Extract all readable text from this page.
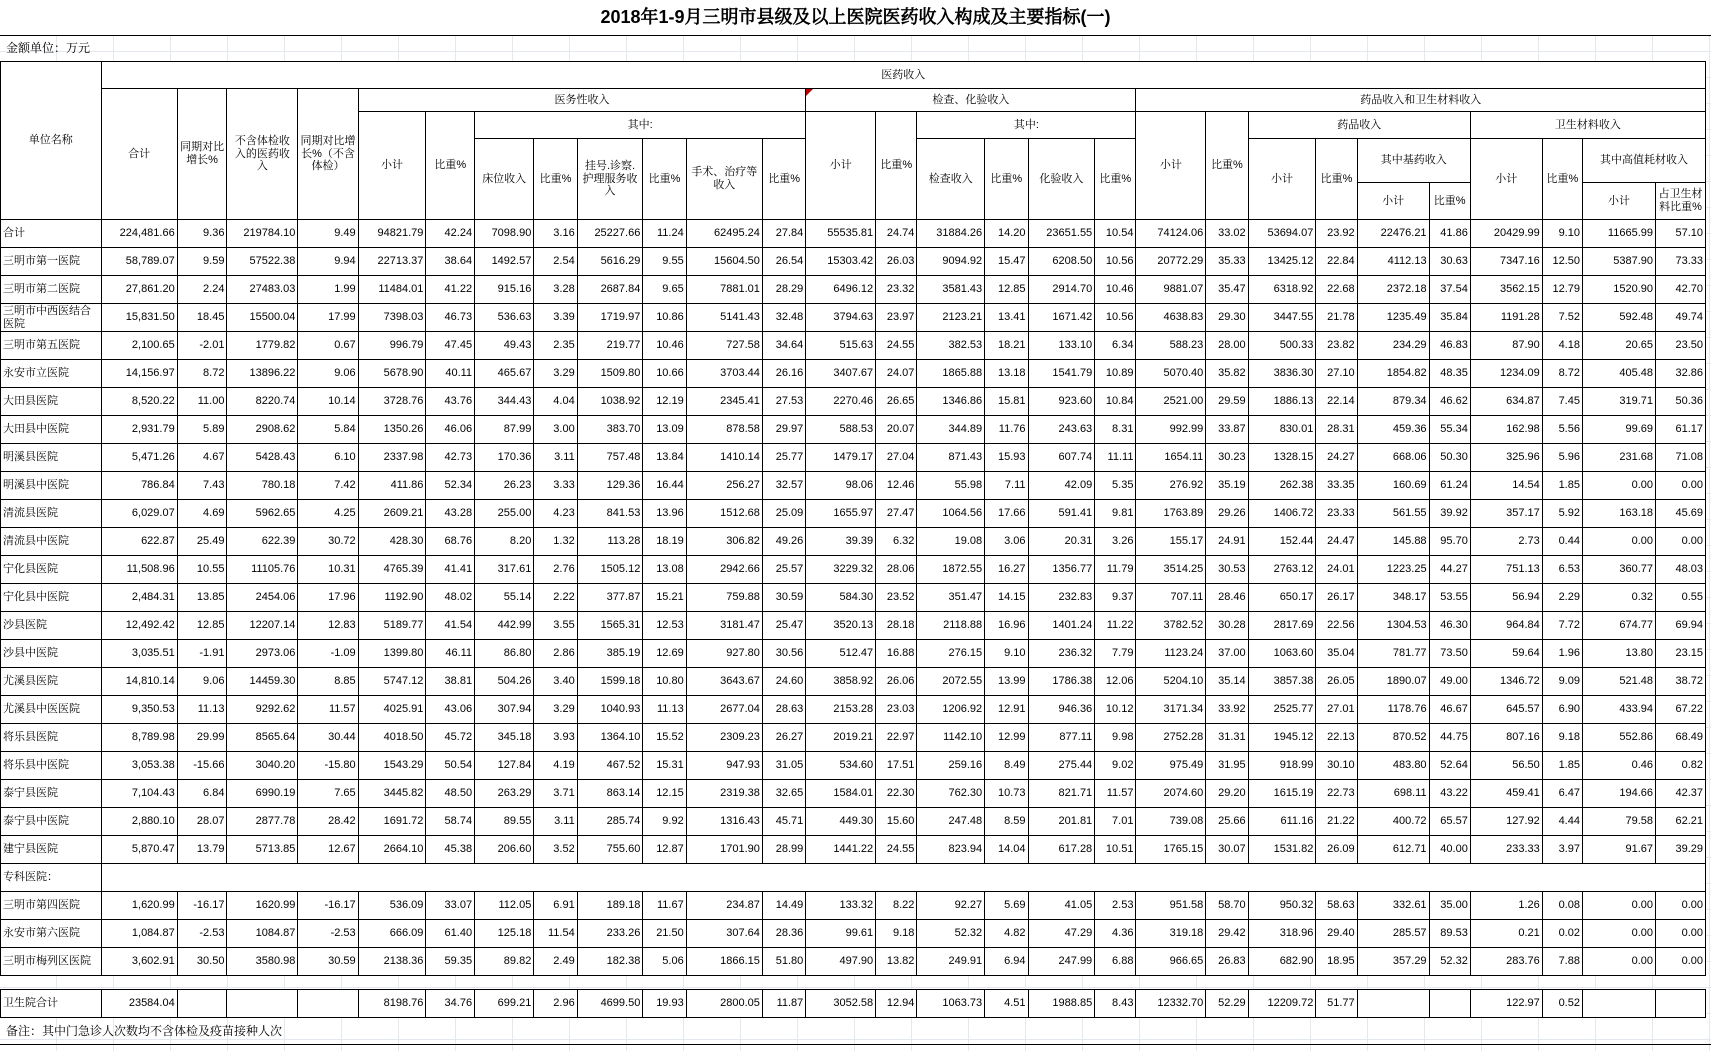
2018年1-9月三明市县级及以上医院医药收入构成及主要指标(一)
金额单位：万元
单位名称	医药收入																											
	合计	同期对比增长%	不含体检收入的医药收入	同期对比增长%（不含体检）	医务性收入								检查、化验收入						药品收入和卫生材料收入									
					小计	比重%	其中:						小计	比重%	其中:				小计	比重%	药品收入				卫生材料收入			
							床位收入	比重%	挂号.诊察.护理服务收入	比重%	手术、治疗等收入	比重%			检查收入	比重%	化验收入	比重%			小计	比重%	其中基药收入		小计	比重%	其中高值耗材收入	
																							小计	比重%			小计	占卫生材料比重%
合计	224,481.66	9.36	219784.10	9.49	94821.79	42.24	7098.90	3.16	25227.66	11.24	62495.24	27.84	55535.81	24.74	31884.26	14.20	23651.55	10.54	74124.06	33.02	53694.07	23.92	22476.21	41.86	20429.99	9.10	11665.99	57.10
三明市第一医院	58,789.07	9.59	57522.38	9.94	22713.37	38.64	1492.57	2.54	5616.29	9.55	15604.50	26.54	15303.42	26.03	9094.92	15.47	6208.50	10.56	20772.29	35.33	13425.12	22.84	4112.13	30.63	7347.16	12.50	5387.90	73.33
三明市第二医院	27,861.20	2.24	27483.03	1.99	11484.01	41.22	915.16	3.28	2687.84	9.65	7881.01	28.29	6496.12	23.32	3581.43	12.85	2914.70	10.46	9881.07	35.47	6318.92	22.68	2372.18	37.54	3562.15	12.79	1520.90	42.70
三明市中西医结合医院	15,831.50	18.45	15500.04	17.99	7398.03	46.73	536.63	3.39	1719.97	10.86	5141.43	32.48	3794.63	23.97	2123.21	13.41	1671.42	10.56	4638.83	29.30	3447.55	21.78	1235.49	35.84	1191.28	7.52	592.48	49.74
三明市第五医院	2,100.65	-2.01	1779.82	0.67	996.79	47.45	49.43	2.35	219.77	10.46	727.58	34.64	515.63	24.55	382.53	18.21	133.10	6.34	588.23	28.00	500.33	23.82	234.29	46.83	87.90	4.18	20.65	23.50
永安市立医院	14,156.97	8.72	13896.22	9.06	5678.90	40.11	465.67	3.29	1509.80	10.66	3703.44	26.16	3407.67	24.07	1865.88	13.18	1541.79	10.89	5070.40	35.82	3836.30	27.10	1854.82	48.35	1234.09	8.72	405.48	32.86
大田县医院	8,520.22	11.00	8220.74	10.14	3728.76	43.76	344.43	4.04	1038.92	12.19	2345.41	27.53	2270.46	26.65	1346.86	15.81	923.60	10.84	2521.00	29.59	1886.13	22.14	879.34	46.62	634.87	7.45	319.71	50.36
大田县中医院	2,931.79	5.89	2908.62	5.84	1350.26	46.06	87.99	3.00	383.70	13.09	878.58	29.97	588.53	20.07	344.89	11.76	243.63	8.31	992.99	33.87	830.01	28.31	459.36	55.34	162.98	5.56	99.69	61.17
明溪县医院	5,471.26	4.67	5428.43	6.10	2337.98	42.73	170.36	3.11	757.48	13.84	1410.14	25.77	1479.17	27.04	871.43	15.93	607.74	11.11	1654.11	30.23	1328.15	24.27	668.06	50.30	325.96	5.96	231.68	71.08
明溪县中医院	786.84	7.43	780.18	7.42	411.86	52.34	26.23	3.33	129.36	16.44	256.27	32.57	98.06	12.46	55.98	7.11	42.09	5.35	276.92	35.19	262.38	33.35	160.69	61.24	14.54	1.85	0.00	0.00
清流县医院	6,029.07	4.69	5962.65	4.25	2609.21	43.28	255.00	4.23	841.53	13.96	1512.68	25.09	1655.97	27.47	1064.56	17.66	591.41	9.81	1763.89	29.26	1406.72	23.33	561.55	39.92	357.17	5.92	163.18	45.69
清流县中医院	622.87	25.49	622.39	30.72	428.30	68.76	8.20	1.32	113.28	18.19	306.82	49.26	39.39	6.32	19.08	3.06	20.31	3.26	155.17	24.91	152.44	24.47	145.88	95.70	2.73	0.44	0.00	0.00
宁化县医院	11,508.96	10.55	11105.76	10.31	4765.39	41.41	317.61	2.76	1505.12	13.08	2942.66	25.57	3229.32	28.06	1872.55	16.27	1356.77	11.79	3514.25	30.53	2763.12	24.01	1223.25	44.27	751.13	6.53	360.77	48.03
宁化县中医院	2,484.31	13.85	2454.06	17.96	1192.90	48.02	55.14	2.22	377.87	15.21	759.88	30.59	584.30	23.52	351.47	14.15	232.83	9.37	707.11	28.46	650.17	26.17	348.17	53.55	56.94	2.29	0.32	0.55
沙县医院	12,492.42	12.85	12207.14	12.83	5189.77	41.54	442.99	3.55	1565.31	12.53	3181.47	25.47	3520.13	28.18	2118.88	16.96	1401.24	11.22	3782.52	30.28	2817.69	22.56	1304.53	46.30	964.84	7.72	674.77	69.94
沙县中医院	3,035.51	-1.91	2973.06	-1.09	1399.80	46.11	86.80	2.86	385.19	12.69	927.80	30.56	512.47	16.88	276.15	9.10	236.32	7.79	1123.24	37.00	1063.60	35.04	781.77	73.50	59.64	1.96	13.80	23.15
尤溪县医院	14,810.14	9.06	14459.30	8.85	5747.12	38.81	504.26	3.40	1599.18	10.80	3643.67	24.60	3858.92	26.06	2072.55	13.99	1786.38	12.06	5204.10	35.14	3857.38	26.05	1890.07	49.00	1346.72	9.09	521.48	38.72
尤溪县中医医院	9,350.53	11.13	9292.62	11.57	4025.91	43.06	307.94	3.29	1040.93	11.13	2677.04	28.63	2153.28	23.03	1206.92	12.91	946.36	10.12	3171.34	33.92	2525.77	27.01	1178.76	46.67	645.57	6.90	433.94	67.22
将乐县医院	8,789.98	29.99	8565.64	30.44	4018.50	45.72	345.18	3.93	1364.10	15.52	2309.23	26.27	2019.21	22.97	1142.10	12.99	877.11	9.98	2752.28	31.31	1945.12	22.13	870.52	44.75	807.16	9.18	552.86	68.49
将乐县中医院	3,053.38	-15.66	3040.20	-15.80	1543.29	50.54	127.84	4.19	467.52	15.31	947.93	31.05	534.60	17.51	259.16	8.49	275.44	9.02	975.49	31.95	918.99	30.10	483.80	52.64	56.50	1.85	0.46	0.82
泰宁县医院	7,104.43	6.84	6990.19	7.65	3445.82	48.50	263.29	3.71	863.14	12.15	2319.38	32.65	1584.01	22.30	762.30	10.73	821.71	11.57	2074.60	29.20	1615.19	22.73	698.11	43.22	459.41	6.47	194.66	42.37
泰宁县中医院	2,880.10	28.07	2877.78	28.42	1691.72	58.74	89.55	3.11	285.74	9.92	1316.43	45.71	449.30	15.60	247.48	8.59	201.81	7.01	739.08	25.66	611.16	21.22	400.72	65.57	127.92	4.44	79.58	62.21
建宁县医院	5,870.47	13.79	5713.85	12.67	2664.10	45.38	206.60	3.52	755.60	12.87	1701.90	28.99	1441.22	24.55	823.94	14.04	617.28	10.51	1765.15	30.07	1531.82	26.09	612.71	40.00	233.33	3.97	91.67	39.29
专科医院：																												
三明市第四医院	1,620.99	-16.17	1620.99	-16.17	536.09	33.07	112.05	6.91	189.18	11.67	234.87	14.49	133.32	8.22	92.27	5.69	41.05	2.53	951.58	58.70	950.32	58.63	332.61	35.00	1.26	0.08	0.00	0.00
永安市第六医院	1,084.87	-2.53	1084.87	-2.53	666.09	61.40	125.18	11.54	233.26	21.50	307.64	28.36	99.61	9.18	52.32	4.82	47.29	4.36	319.18	29.42	318.96	29.40	285.57	89.53	0.21	0.02	0.00	0.00
三明市梅列区医院	3,602.91	30.50	3580.98	30.59	2138.36	59.35	89.82	2.49	182.38	5.06	1866.15	51.80	497.90	13.82	249.91	6.94	247.99	6.88	966.65	26.83	682.90	18.95	357.29	52.32	283.76	7.88	0.00	0.00
卫生院合计	23584.04				8198.76	34.76	699.21	2.96	4699.50	19.93	2800.05	11.87	3052.58	12.94	1063.73	4.51	1988.85	8.43	12332.70	52.29	12209.72	51.77			122.97	0.52		
备注：其中门急诊人次数均不含体检及疫苗接种人次
